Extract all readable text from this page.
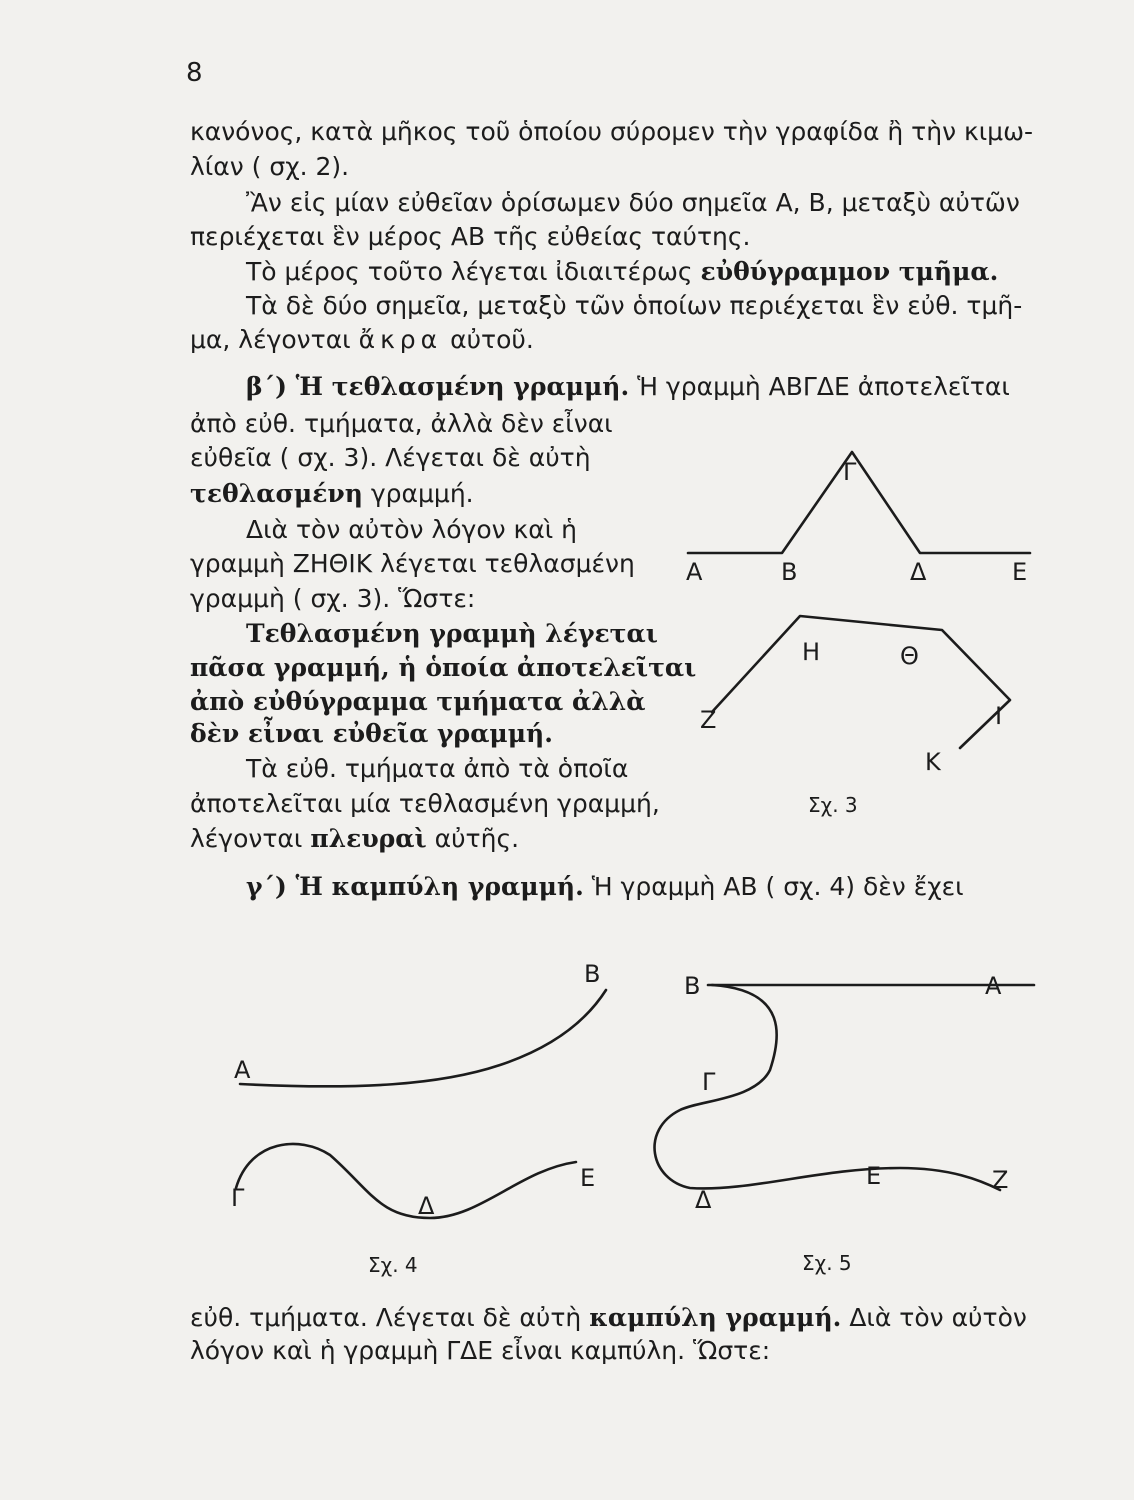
8
κανόνος, κατὰ μῆκος τοῦ ὁποίου σύρομεν τὴν γραφίδα ἢ τὴν κιμω-
λίαν ( σχ. 2).
Ἂν εἰς μίαν εὐθεῖαν ὁρίσωμεν δύο σημεῖα Α, Β, μεταξὺ αὐτῶν
περιέχεται ἓν μέρος ΑΒ τῆς εὐθείας ταύτης.
Τὸ μέρος τοῦτο λέγεται ἰδιαιτέρως εὐθύγραμμον τμῆμα.
Τὰ δὲ δύο σημεῖα, μεταξὺ τῶν ὁποίων περιέχεται ἓν εὐθ. τμῆ-
μα, λέγονται ἄκρα αὐτοῦ.
β΄) Ἡ τεθλασμένη γραμμή. Ἡ γραμμὴ ΑΒΓΔΕ ἀποτελεῖται
ἀπὸ εὐθ. τμήματα, ἀλλὰ δὲν εἶναι
εὐθεῖα ( σχ. 3). Λέγεται δὲ αὐτὴ
τεθλασμένη γραμμή.
Διὰ τὸν αὐτὸν λόγον καὶ ἡ
γραμμὴ ΖΗΘΙΚ λέγεται τεθλασμένη
γραμμὴ ( σχ. 3). Ὥστε:
Τεθλασμένη γραμμὴ λέγεται
πᾶσα γραμμή, ἡ ὁποία ἀποτελεῖται
ἀπὸ εὐθύγραμμα τμήματα ἀλλὰ
δὲν εἶναι εὐθεῖα γραμμή.
Τὰ εὐθ. τμήματα ἀπὸ τὰ ὁποῖα
ἀποτελεῖται μία τεθλασμένη γραμμή,
λέγονται πλευραὶ αὐτῆς.
γ΄) Ἡ καμπύλη γραμμή. Ἡ γραμμὴ ΑΒ ( σχ. 4) δὲν ἔχει
εὐθ. τμήματα. Λέγεται δὲ αὐτὴ καμπύλη γραμμή. Διὰ τὸν αὐτὸν
λόγον καὶ ἡ γραμμὴ ΓΔΕ εἶναι καμπύλη. Ὥστε:
Α	Β
Γ
Δ	Ε
Ζ
Η	Θ
Ι
Κ
Σχ. 3
Α
Β
Γ	Δ
Ε
Σχ. 4
Β	Α
Γ
Δ
Ε	Ζ
Σχ. 5
